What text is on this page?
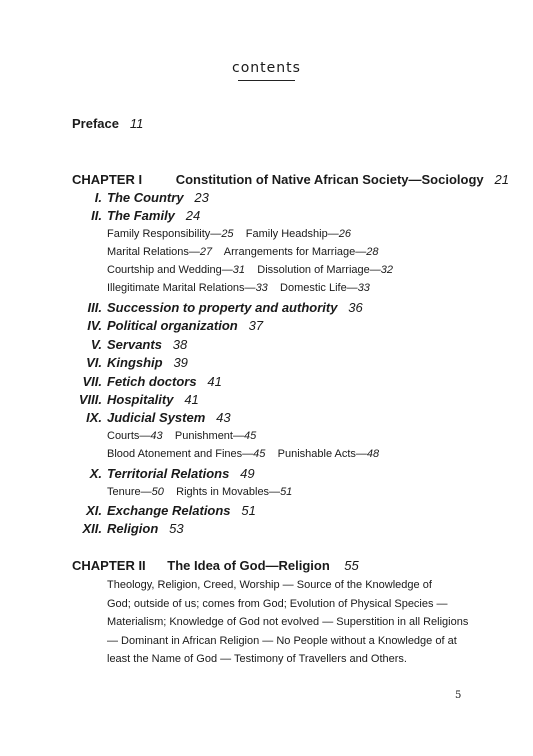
contents
Preface 11
CHAPTER I	Constitution of Native African Society—Sociology 21
I. The Country 23
II. The Family 24
Family Responsibility—25 Family Headship—26
Marital Relations—27 Arrangements for Marriage—28
Courtship and Wedding—31 Dissolution of Marriage—32
Illegitimate Marital Relations—33 Domestic Life—33
III. Succession to property and authority 36
IV. Political organization 37
V. Servants 38
VI. Kingship 39
VII. Fetich doctors 41
VIII. Hospitality 41
IX. Judicial System 43
Courts—43 Punishment—45
Blood Atonement and Fines—45 Punishable Acts—48
X. Territorial Relations 49
Tenure—50 Rights in Movables—51
XI. Exchange Relations 51
XII. Religion 53
CHAPTER II The Idea of God—Religion 55
Theology, Religion, Creed, Worship — Source of the Knowledge of
God; outside of us; comes from God; Evolution of Physical Species —
Materialism; Knowledge of God not evolved — Superstition in all Religions
— Dominant in African Religion — No People without a Knowledge of at
least the Name of God — Testimony of Travellers and Others.
5
